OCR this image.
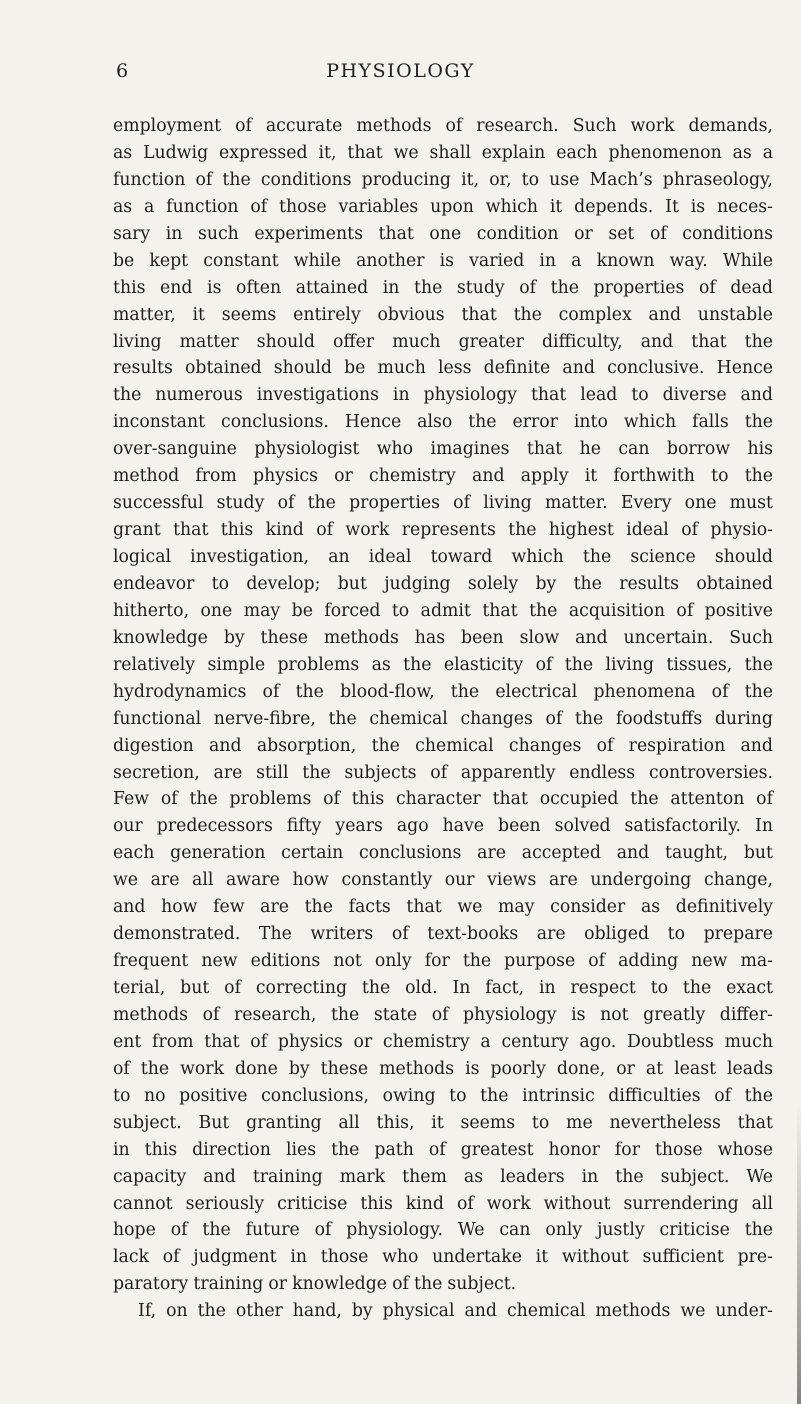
6	PHYSIOLOGY
employment of accurate methods of research. Such work demands,
as Ludwig expressed it, that we shall explain each phenomenon as a
function of the conditions producing it, or, to use Mach’s phraseology,
as a function of those variables upon which it depends. It is neces-
sary in such experiments that one condition or set of conditions
be kept constant while another is varied in a known way. While
this end is often attained in the study of the properties of dead
matter, it seems entirely obvious that the complex and unstable
living matter should offer much greater difficulty, and that the
results obtained should be much less definite and conclusive. Hence
the numerous investigations in physiology that lead to diverse and
inconstant conclusions. Hence also the error into which falls the
over-sanguine physiologist who imagines that he can borrow his
method from physics or chemistry and apply it forthwith to the
successful study of the properties of living matter. Every one must
grant that this kind of work represents the highest ideal of physio-
logical investigation, an ideal toward which the science should
endeavor to develop; but judging solely by the results obtained
hitherto, one may be forced to admit that the acquisition of positive
knowledge by these methods has been slow and uncertain. Such
relatively simple problems as the elasticity of the living tissues, the
hydrodynamics of the blood-flow, the electrical phenomena of the
functional nerve-fibre, the chemical changes of the foodstuffs during
digestion and absorption, the chemical changes of respiration and
secretion, are still the subjects of apparently endless controversies.
Few of the problems of this character that occupied the attenton of
our predecessors fifty years ago have been solved satisfactorily. In
each generation certain conclusions are accepted and taught, but
we are all aware how constantly our views are undergoing change,
and how few are the facts that we may consider as definitively
demonstrated. The writers of text-books are obliged to prepare
frequent new editions not only for the purpose of adding new ma-
terial, but of correcting the old. In fact, in respect to the exact
methods of research, the state of physiology is not greatly differ-
ent from that of physics or chemistry a century ago. Doubtless much
of the work done by these methods is poorly done, or at least leads
to no positive conclusions, owing to the intrinsic difficulties of the
subject. But granting all this, it seems to me nevertheless that
in this direction lies the path of greatest honor for those whose
capacity and training mark them as leaders in the subject. We
cannot seriously criticise this kind of work without surrendering all
hope of the future of physiology. We can only justly criticise the
lack of judgment in those who undertake it without sufficient pre-
paratory training or knowledge of the subject.
If, on the other hand, by physical and chemical methods we under-
